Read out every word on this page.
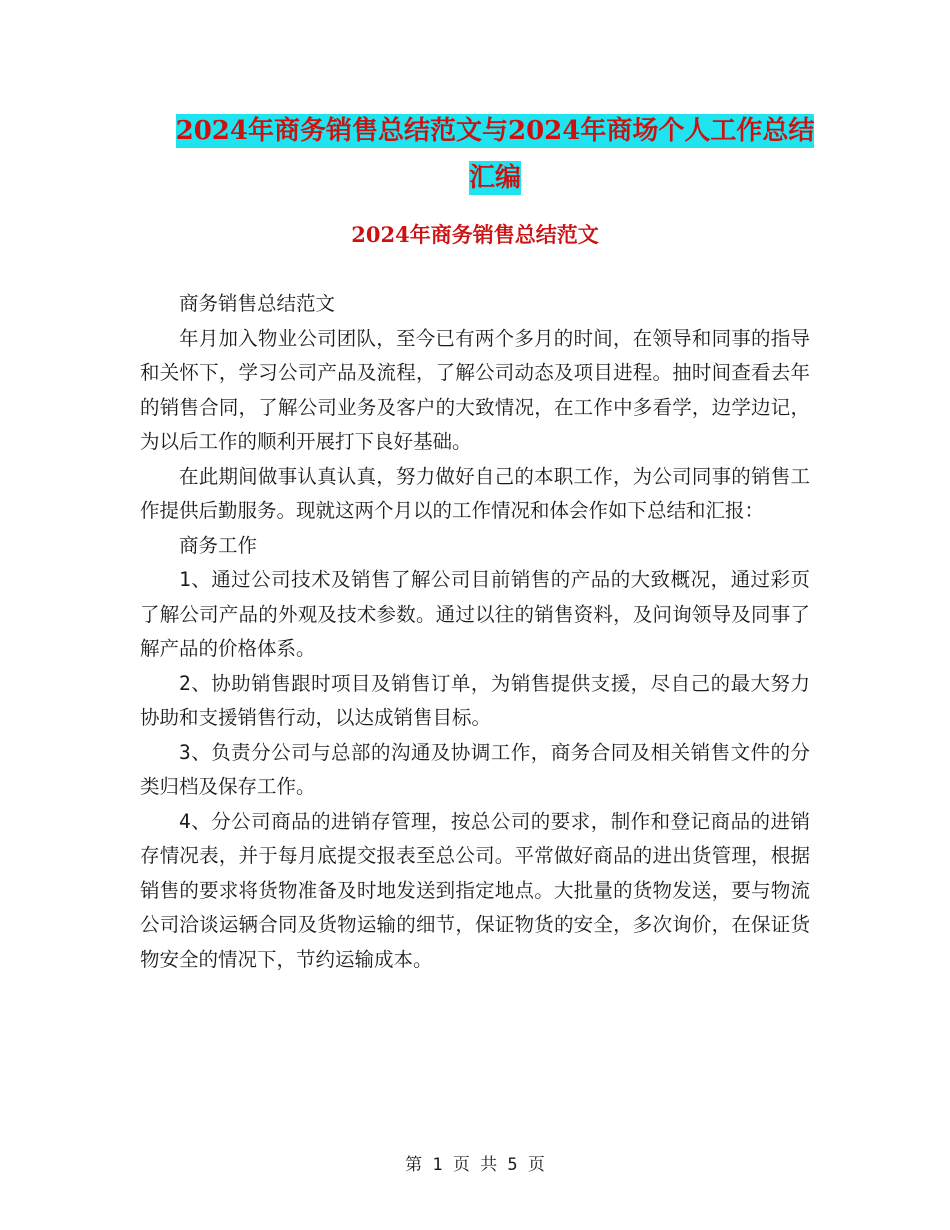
2024年商务销售总结范文与2024年商场个人工作总结
汇编
2024年商务销售总结范文

商务销售总结范文

年月加入物业公司团队，至今已有两个多月的时间，在领导和同事的指导和关怀下，学习公司产品及流程，了解公司动态及项目进程。抽时间查看去年的销售合同，了解公司业务及客户的大致情况，在工作中多看学，边学边记，为以后工作的顺利开展打下良好基础。

在此期间做事认真认真，努力做好自己的本职工作，为公司同事的销售工作提供后勤服务。现就这两个月以的工作情况和体会作如下总结和汇报：

商务工作

1、通过公司技术及销售了解公司目前销售的产品的大致概况，通过彩页了解公司产品的外观及技术参数。通过以往的销售资料，及问询领导及同事了解产品的价格体系。

2、协助销售跟时项目及销售订单，为销售提供支援，尽自己的最大努力协助和支援销售行动，以达成销售目标。

3、负责分公司与总部的沟通及协调工作，商务合同及相关销售文件的分类归档及保存工作。

4、分公司商品的进销存管理，按总公司的要求，制作和登记商品的进销存情况表，并于每月底提交报表至总公司。平常做好商品的进出货管理，根据销售的要求将货物准备及时地发送到指定地点。大批量的货物发送，要与物流公司洽谈运辆合同及货物运输的细节，保证物货的安全，多次询价，在保证货物安全的情况下，节约运输成本。

第 1 页 共 5 页
